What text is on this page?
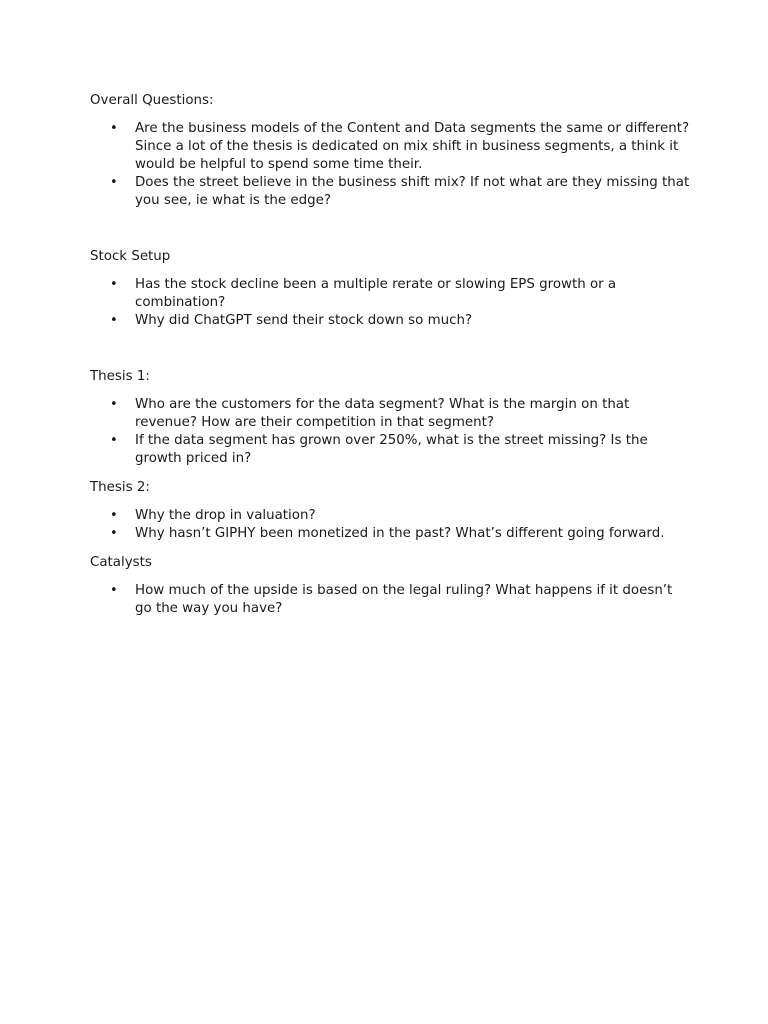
Overall Questions:
• Are the business models of the Content and Data segments the same or different? Since a lot of the thesis is dedicated on mix shift in business segments, a think it would be helpful to spend some time their.
• Does the street believe in the business shift mix? If not what are they missing that you see, ie what is the edge?
Stock Setup
• Has the stock decline been a multiple rerate or slowing EPS growth or a combination?
• Why did ChatGPT send their stock down so much?
Thesis 1:
• Who are the customers for the data segment? What is the margin on that revenue? How are their competition in that segment?
• If the data segment has grown over 250%, what is the street missing? Is the growth priced in?
Thesis 2:
• Why the drop in valuation?
• Why hasn’t GIPHY been monetized in the past? What’s different going forward.
Catalysts
• How much of the upside is based on the legal ruling? What happens if it doesn’t go the way you have?
